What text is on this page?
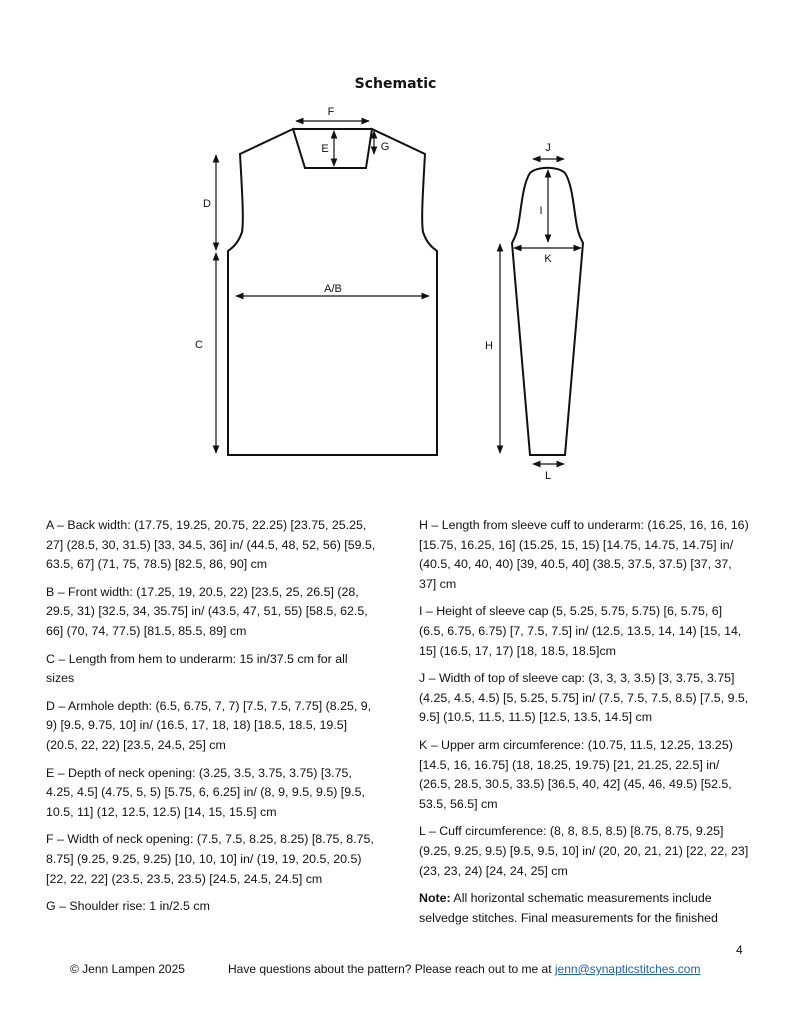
Schematic
F
E	G
D
A/B
C
J
I
K
H
L

A – Back width: (17.75, 19.25, 20.75, 22.25) [23.75, 25.25, 27] (28.5, 30, 31.5) [33, 34.5, 36] in/ (44.5, 48, 52, 56) [59.5, 63.5, 67] (71, 75, 78.5) [82.5, 86, 90] cm

B – Front width: (17.25, 19, 20.5, 22) [23.5, 25, 26.5] (28, 29.5, 31) [32.5, 34, 35.75] in/ (43.5, 47, 51, 55) [58.5, 62.5, 66] (70, 74, 77.5) [81.5, 85.5, 89] cm

C – Length from hem to underarm: 15 in/37.5 cm for all sizes

D – Armhole depth: (6.5, 6.75, 7, 7) [7.5, 7.5, 7.75] (8.25, 9, 9) [9.5, 9.75, 10] in/ (16.5, 17, 18, 18) [18.5, 18.5, 19.5] (20.5, 22, 22) [23.5, 24.5, 25] cm

E – Depth of neck opening: (3.25, 3.5, 3.75, 3.75) [3.75, 4.25, 4.5] (4.75, 5, 5) [5.75, 6, 6.25] in/ (8, 9, 9.5, 9.5) [9.5, 10.5, 11] (12, 12.5, 12.5) [14, 15, 15.5] cm

F – Width of neck opening: (7.5, 7.5, 8.25, 8.25) [8.75, 8.75, 8.75] (9.25, 9.25, 9.25) [10, 10, 10] in/ (19, 19, 20.5, 20.5) [22, 22, 22] (23.5, 23.5, 23.5) [24.5, 24.5, 24.5] cm

G – Shoulder rise: 1 in/2.5 cm

H – Length from sleeve cuff to underarm: (16.25, 16, 16, 16) [15.75, 16.25, 16] (15.25, 15, 15) [14.75, 14.75, 14.75] in/ (40.5, 40, 40, 40) [39, 40.5, 40] (38.5, 37.5, 37.5) [37, 37, 37] cm

I – Height of sleeve cap (5, 5.25, 5.75, 5.75) [6, 5.75, 6] (6.5, 6.75, 6.75) [7, 7.5, 7.5] in/ (12.5, 13.5, 14, 14) [15, 14, 15] (16.5, 17, 17) [18, 18.5, 18.5]cm

J – Width of top of sleeve cap: (3, 3, 3, 3.5) [3, 3.75, 3.75] (4.25, 4.5, 4.5) [5, 5.25, 5.75] in/ (7.5, 7.5, 7.5, 8.5) [7.5, 9.5, 9.5] (10.5, 11.5, 11.5) [12.5, 13.5, 14.5] cm

K – Upper arm circumference: (10.75, 11.5, 12.25, 13.25) [14.5, 16, 16.75] (18, 18.25, 19.75) [21, 21.25, 22.5] in/ (26.5, 28.5, 30.5, 33.5) [36.5, 40, 42] (45, 46, 49.5) [52.5, 53.5, 56.5] cm

L – Cuff circumference: (8, 8, 8.5, 8.5) [8.75, 8.75, 9.25] (9.25, 9.25, 9.5) [9.5, 9.5, 10] in/ (20, 20, 21, 21) [22, 22, 23] (23, 23, 24) [24, 24, 25] cm

Note: All horizontal schematic measurements include selvedge stitches. Final measurements for the finished

4
© Jenn Lampen 2025	Have questions about the pattern? Please reach out to me at jenn@synapticstitches.com
